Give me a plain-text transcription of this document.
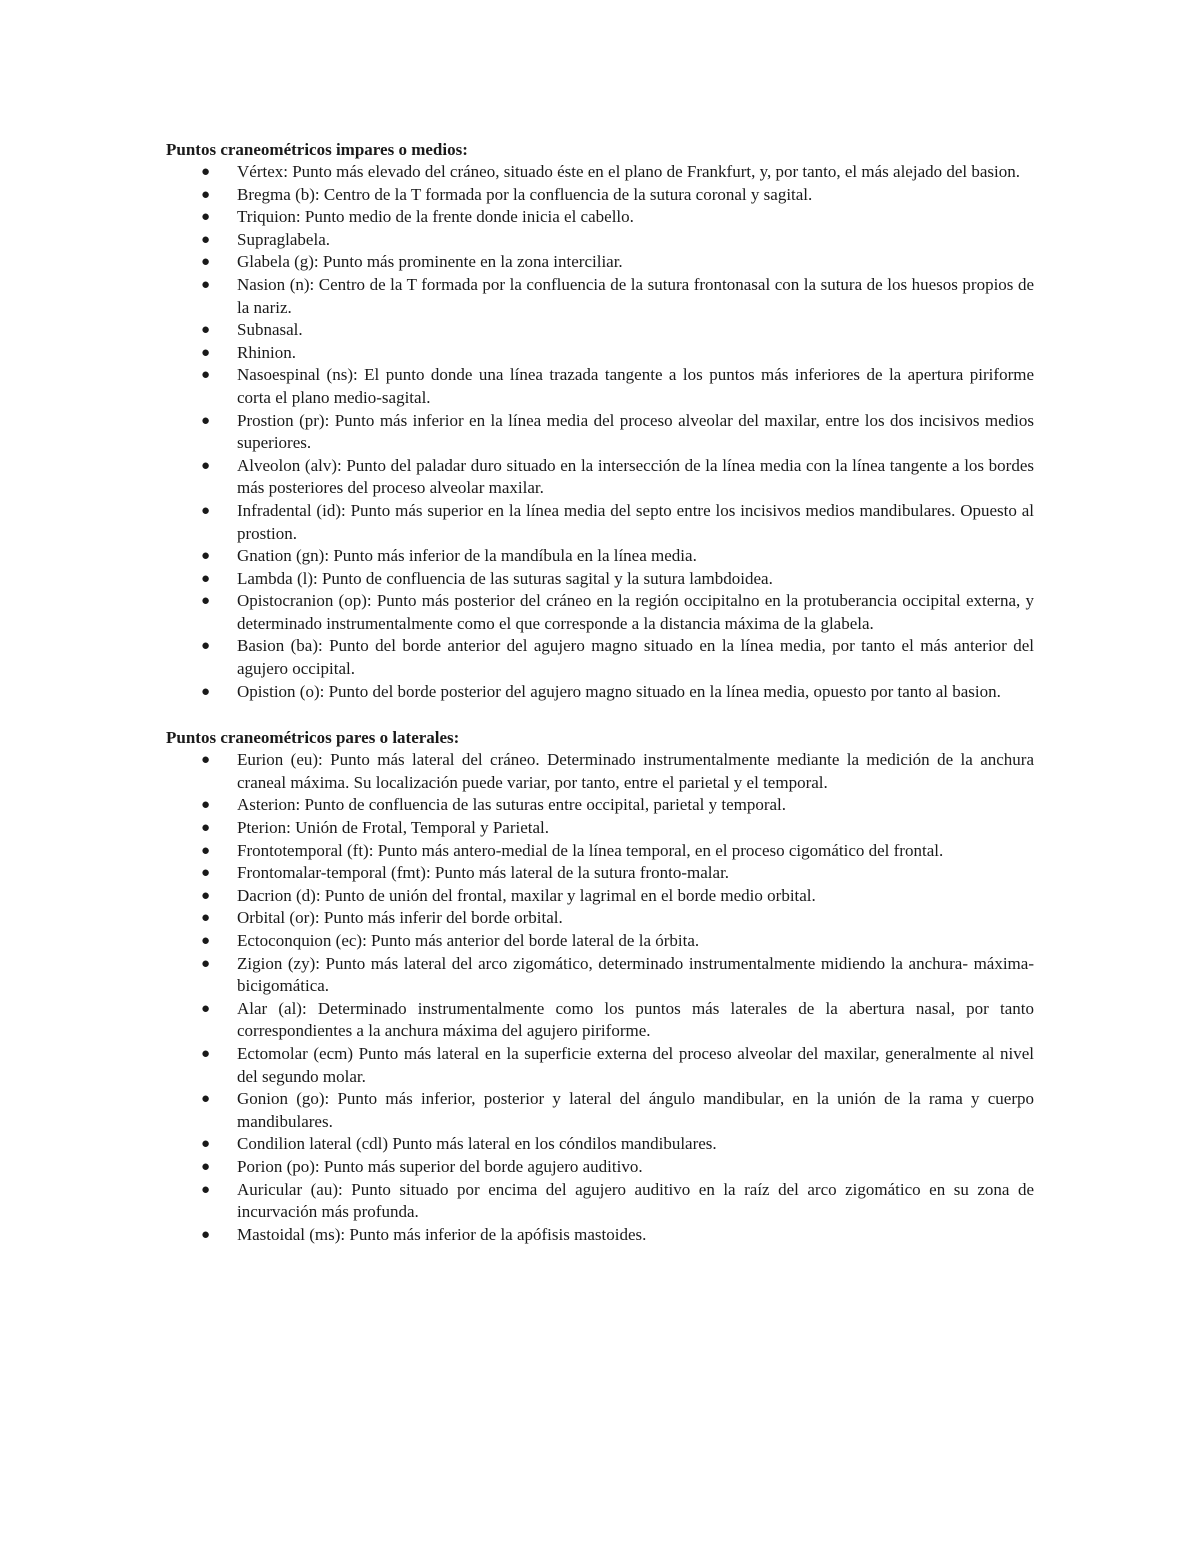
Puntos craneométricos impares o medios:

● Vértex: Punto más elevado del cráneo, situado éste en el plano de Frankfurt, y, por tanto, el más alejado del basion.
● Bregma (b): Centro de la T formada por la confluencia de la sutura coronal y sagital.
● Triquion: Punto medio de la frente donde inicia el cabello.
● Supraglabela.
● Glabela (g): Punto más prominente en la zona interciliar.
● Nasion (n): Centro de la T formada por la confluencia de la sutura frontonasal con la sutura de los huesos propios de la nariz.
● Subnasal.
● Rhinion.
● Nasoespinal (ns): El punto donde una línea trazada tangente a los puntos más inferiores de la apertura piriforme corta el plano medio-sagital.
● Prostion (pr): Punto más inferior en la línea media del proceso alveolar del maxilar, entre los dos incisivos medios superiores.
● Alveolon (alv): Punto del paladar duro situado en la intersección de la línea media con la línea tangente a los bordes más posteriores del proceso alveolar maxilar.
● Infradental (id): Punto más superior en la línea media del septo entre los incisivos medios mandibulares. Opuesto al prostion.
● Gnation (gn): Punto más inferior de la mandíbula en la línea media.
● Lambda (l): Punto de confluencia de las suturas sagital y la sutura lambdoidea.
● Opistocranion (op): Punto más posterior del cráneo en la región occipitalno en la protuberancia occipital externa, y determinado instrumentalmente como el que corresponde a la distancia máxima de la glabela.
● Basion (ba): Punto del borde anterior del agujero magno situado en la línea media, por tanto el más anterior del agujero occipital.
● Opistion (o): Punto del borde posterior del agujero magno situado en la línea media, opuesto por tanto al basion.

Puntos craneométricos pares o laterales:

● Eurion (eu): Punto más lateral del cráneo. Determinado instrumentalmente mediante la medición de la anchura craneal máxima. Su localización puede variar, por tanto, entre el parietal y el temporal.
● Asterion: Punto de confluencia de las suturas entre occipital, parietal y temporal.
● Pterion: Unión de Frotal, Temporal y Parietal.
● Frontotemporal (ft): Punto más antero-medial de la línea temporal, en el proceso cigomático del frontal.
● Frontomalar-temporal (fmt): Punto más lateral de la sutura fronto-malar.
● Dacrion (d): Punto de unión del frontal, maxilar y lagrimal en el borde medio orbital.
● Orbital (or): Punto más inferir del borde orbital.
● Ectoconquion (ec): Punto más anterior del borde lateral de la órbita.
● Zigion (zy): Punto más lateral del arco zigomático, determinado instrumentalmente midiendo la anchura- máxima- bicigomática.
● Alar (al): Determinado instrumentalmente como los puntos más laterales de la abertura nasal, por tanto correspondientes a la anchura máxima del agujero piriforme.
● Ectomolar (ecm) Punto más lateral en la superficie externa del proceso alveolar del maxilar, generalmente al nivel del segundo molar.
● Gonion (go): Punto más inferior, posterior y lateral del ángulo mandibular, en la unión de la rama y cuerpo mandibulares.
● Condilion lateral (cdl) Punto más lateral en los cóndilos mandibulares.
● Porion (po): Punto más superior del borde agujero auditivo.
● Auricular (au): Punto situado por encima del agujero auditivo en la raíz del arco zigomático en su zona de incurvación más profunda.
● Mastoidal (ms): Punto más inferior de la apófisis mastoides.
